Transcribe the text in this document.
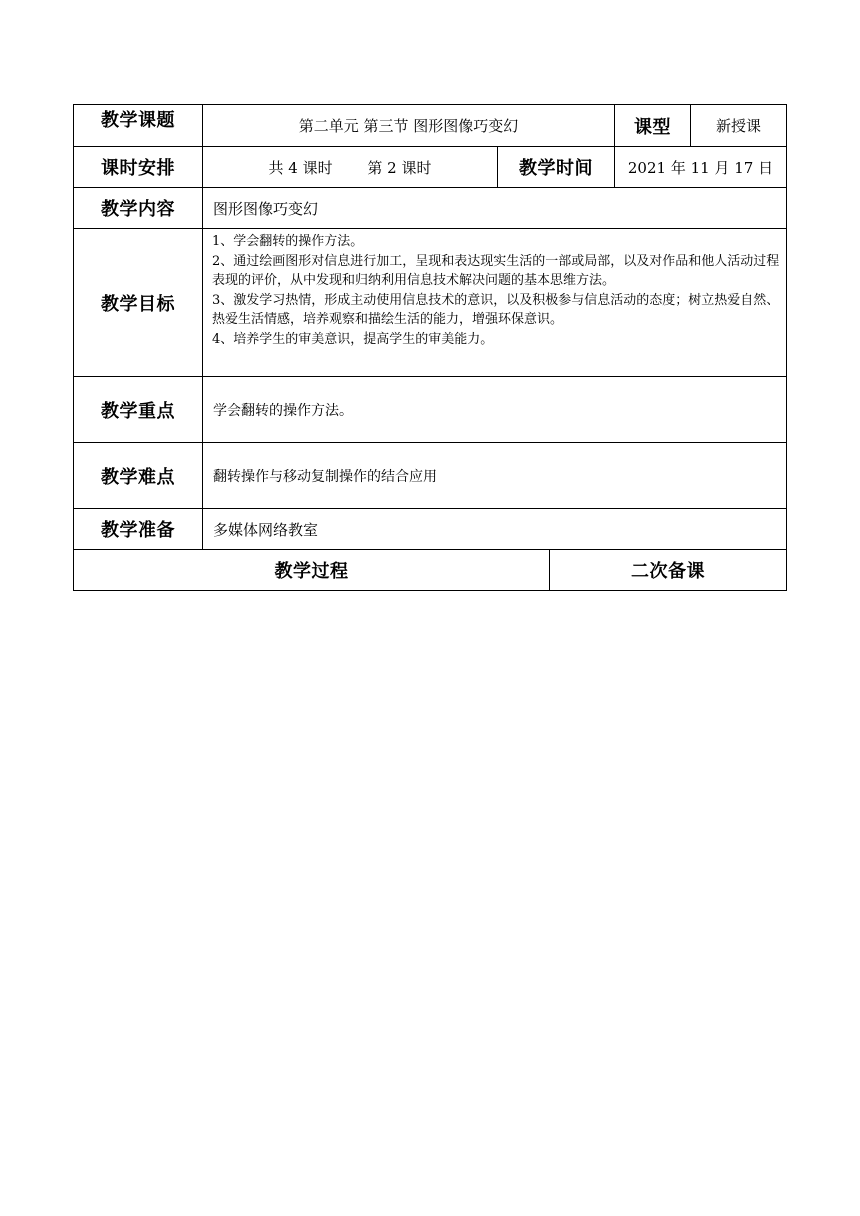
教学课题	第二单元 第三节 图形图像巧变幻	课型	新授课
课时安排	共 4 课时　　 第 2 课时	教学时间	2021 年 11 月 17 日
教学内容	图形图像巧变幻
教学目标
1、学会翻转的操作方法。
2、通过绘画图形对信息进行加工，呈现和表达现实生活的一部或局部，以及对作品和他人活动过程表现的评价，从中发现和归纳利用信息技术解决问题的基本思维方法。
3、激发学习热情，形成主动使用信息技术的意识，以及积极参与信息活动的态度；树立热爱自然、热爱生活情感，培养观察和描绘生活的能力，增强环保意识。
4、培养学生的审美意识，提高学生的审美能力。
教学重点	学会翻转的操作方法。
教学难点	翻转操作与移动复制操作的结合应用
教学准备	多媒体网络教室
教学过程	二次备课
